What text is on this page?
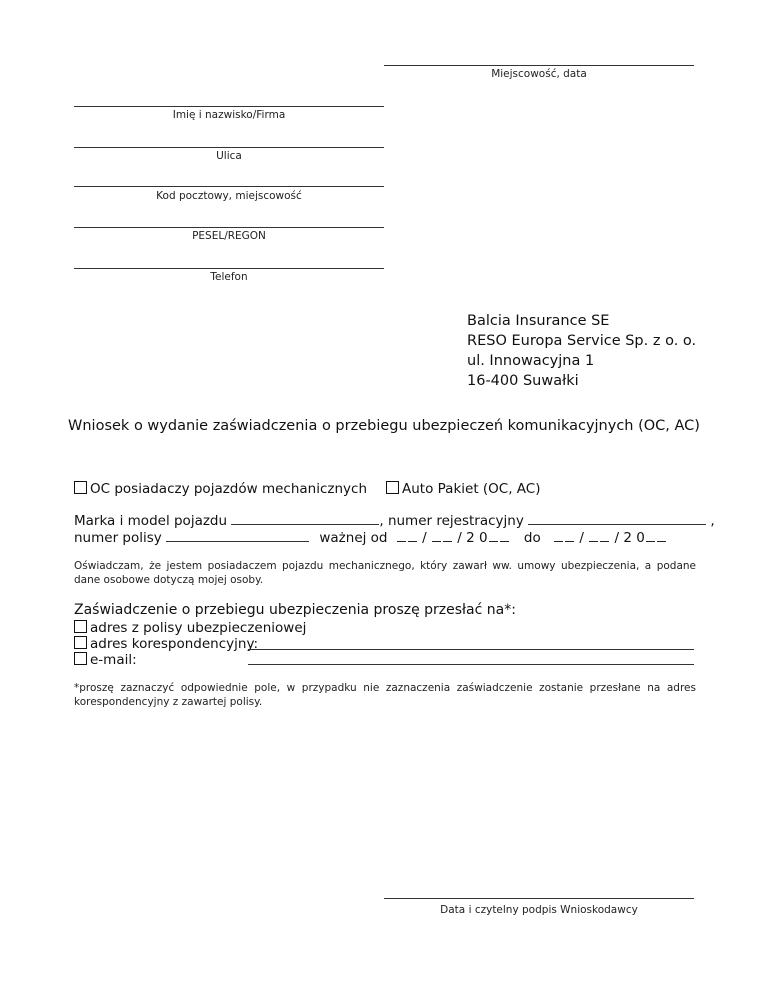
Miejscowość, data
Imię i nazwisko/Firma
Ulica
Kod pocztowy, miejscowość
PESEL/REGON
Telefon
Balcia Insurance SE
RESO Europa Service Sp. z o. o.
ul. Innowacyjna 1
16-400 Suwałki
Wniosek o wydanie zaświadczenia o przebiegu ubezpieczeń komunikacyjnych (OC, AC)
OC posiadaczy pojazdów mechanicznych	Auto Pakiet (OC, AC)
Marka i model pojazdu	, numer rejestracyjny	,
numer polisy	ważnej od	/ / 2 0	do	/ / 2 0
Oświadczam, że jestem posiadaczem pojazdu mechanicznego, który zawarł ww. umowy ubezpieczenia, a podane dane osobowe dotyczą mojej osoby.
Zaświadczenie o przebiegu ubezpieczenia proszę przesłać na*:
adres z polisy ubezpieczeniowej
adres korespondencyjny:
e-mail:
*proszę zaznaczyć odpowiednie pole, w przypadku nie zaznaczenia zaświadczenie zostanie przesłane na adres korespondencyjny z zawartej polisy.
Data i czytelny podpis Wnioskodawcy
